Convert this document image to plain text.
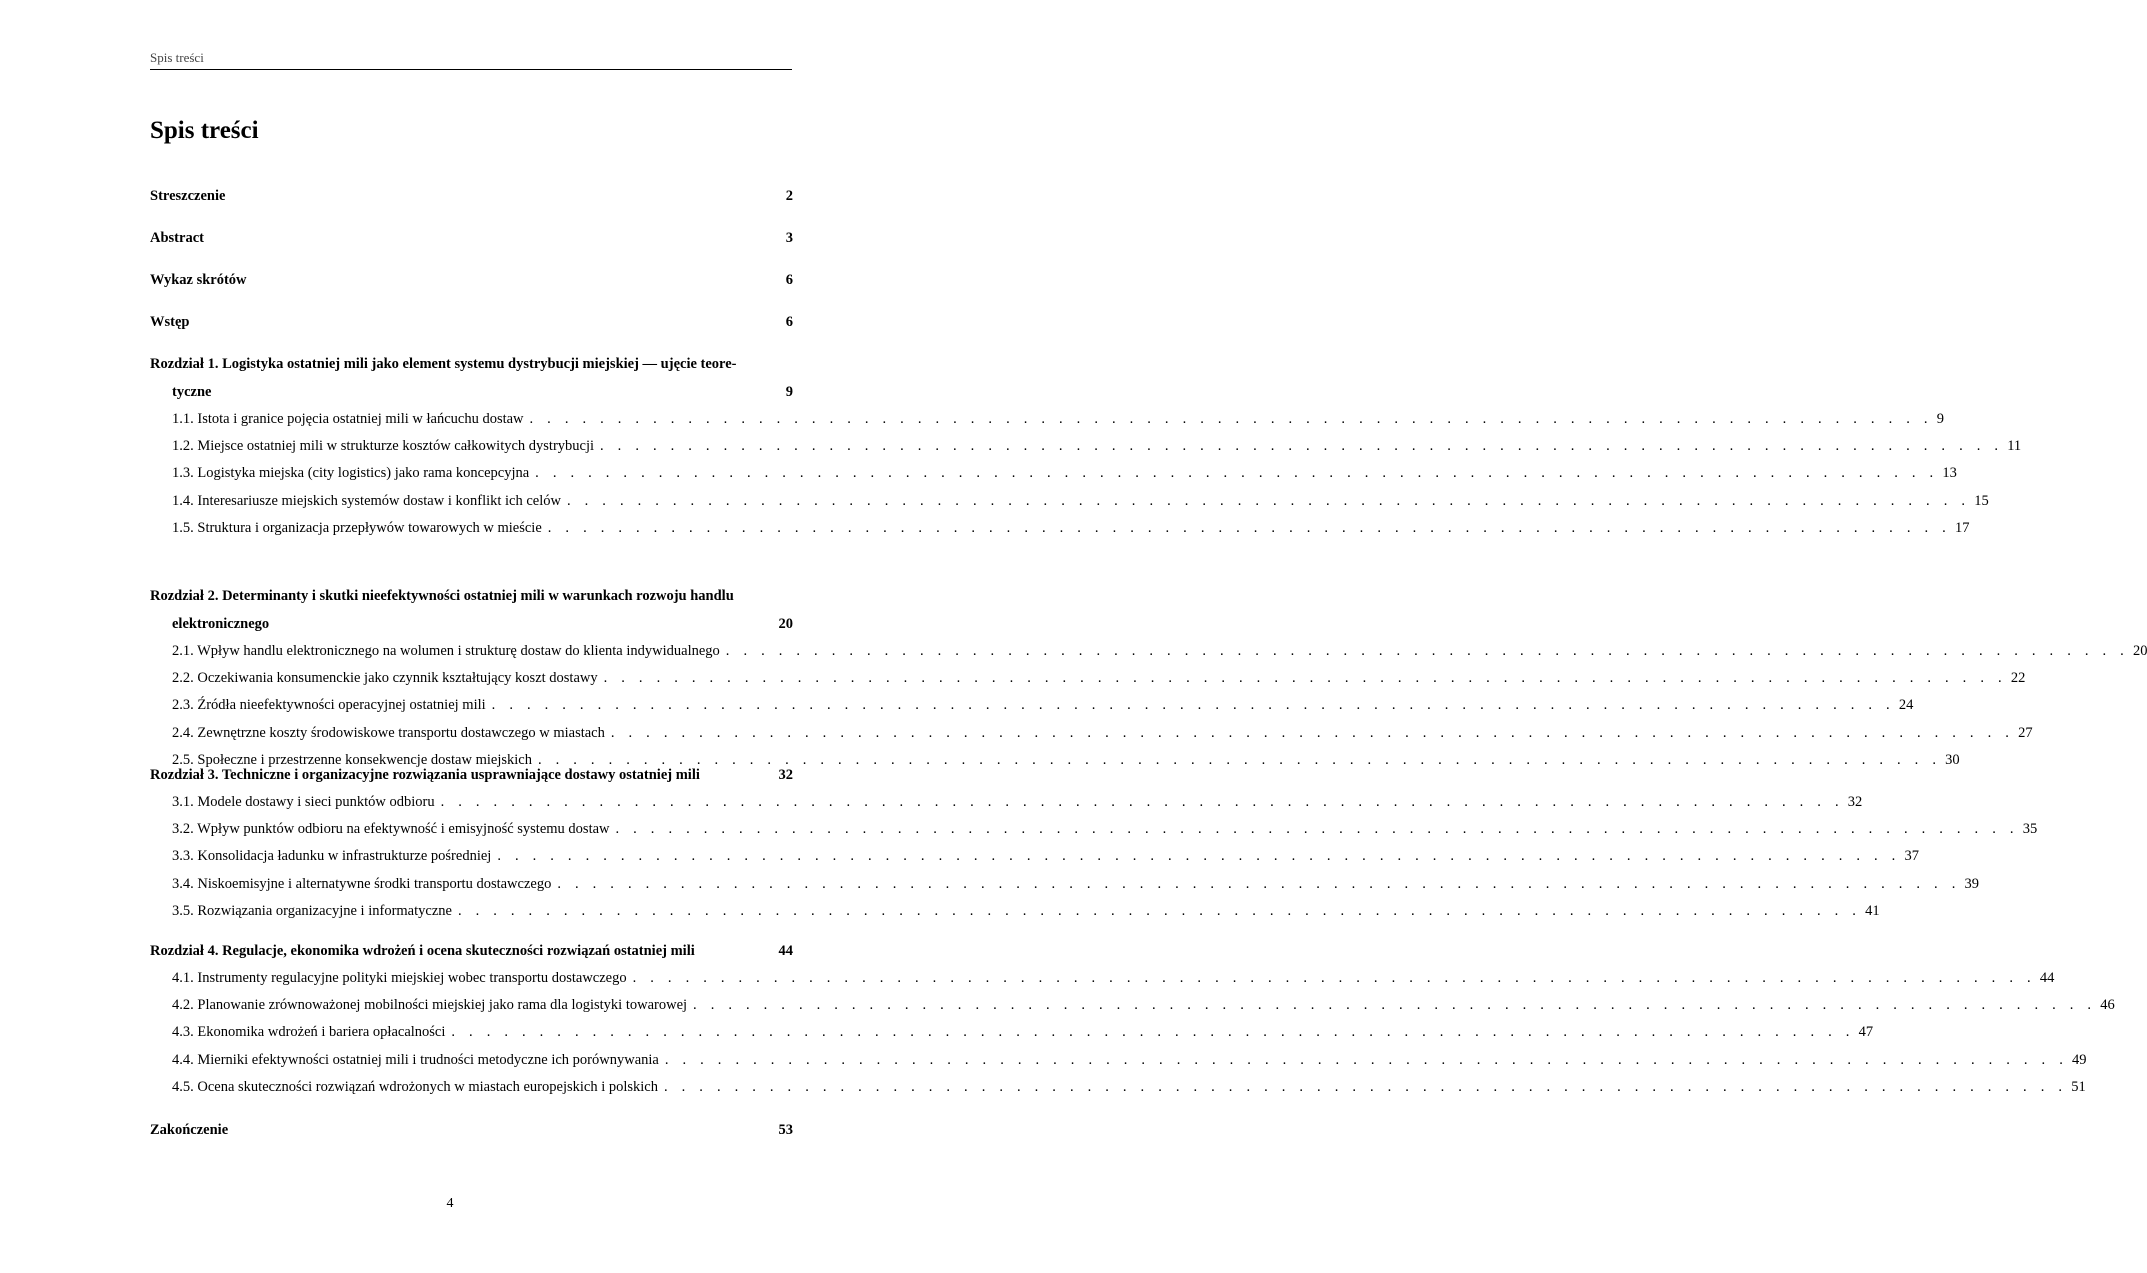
Spis treści
Spis treści
Streszczenie	2
Abstract	3
Wykaz skrótów	6
Wstęp	6
Rozdział 1. Logistyka ostatniej mili jako element systemu dystrybucji miejskiej — ujęcie teore-
tyczne	9
1.1. Istota i granice pojęcia ostatniej mili w łańcuchu dostaw . . . . . . . . . . . . . . . . . . . . . . . . . . . . . . . . . . . . . . . . . . . . . . . . . . . . . . . . . . . . . . . . . . . . . . . . . . . . . . . . 9
1.2. Miejsce ostatniej mili w strukturze kosztów całkowitych dystrybucji . . . . . . . . . . . . . . . . . . . . . . . . . . . . . . . . . . . . . . . . . . . . . . . . . . . . . . . . . . . . . . . . . . . . . . . . . . . . . . . . 11
1.3. Logistyka miejska (city logistics) jako rama koncepcyjna . . . . . . . . . . . . . . . . . . . . . . . . . . . . . . . . . . . . . . . . . . . . . . . . . . . . . . . . . . . . . . . . . . . . . . . . . . . . . . . . 13
1.4. Interesariusze miejskich systemów dostaw i konflikt ich celów . . . . . . . . . . . . . . . . . . . . . . . . . . . . . . . . . . . . . . . . . . . . . . . . . . . . . . . . . . . . . . . . . . . . . . . . . . . . . . . . 15
1.5. Struktura i organizacja przepływów towarowych w mieście . . . . . . . . . . . . . . . . . . . . . . . . . . . . . . . . . . . . . . . . . . . . . . . . . . . . . . . . . . . . . . . . . . . . . . . . . . . . . . . . 17
Rozdział 2. Determinanty i skutki nieefektywności ostatniej mili w warunkach rozwoju handlu
elektronicznego	20
2.1. Wpływ handlu elektronicznego na wolumen i strukturę dostaw do klienta indywidualnego . . . . . . . . . . . . . . . . . . . . . . . . . . . . . . . . . . . . . . . . . . . . . . . . . . . . . . . . . . . . . . . . . . . . . . . . . . . . . . . . 20
2.2. Oczekiwania konsumenckie jako czynnik kształtujący koszt dostawy . . . . . . . . . . . . . . . . . . . . . . . . . . . . . . . . . . . . . . . . . . . . . . . . . . . . . . . . . . . . . . . . . . . . . . . . . . . . . . . . 22
2.3. Źródła nieefektywności operacyjnej ostatniej mili . . . . . . . . . . . . . . . . . . . . . . . . . . . . . . . . . . . . . . . . . . . . . . . . . . . . . . . . . . . . . . . . . . . . . . . . . . . . . . . . 24
2.4. Zewnętrzne koszty środowiskowe transportu dostawczego w miastach . . . . . . . . . . . . . . . . . . . . . . . . . . . . . . . . . . . . . . . . . . . . . . . . . . . . . . . . . . . . . . . . . . . . . . . . . . . . . . . . 27
2.5. Społeczne i przestrzenne konsekwencje dostaw miejskich . . . . . . . . . . . . . . . . . . . . . . . . . . . . . . . . . . . . . . . . . . . . . . . . . . . . . . . . . . . . . . . . . . . . . . . . . . . . . . . . 30
Rozdział 3. Techniczne i organizacyjne rozwiązania usprawniające dostawy ostatniej mili	32
3.1. Modele dostawy i sieci punktów odbioru . . . . . . . . . . . . . . . . . . . . . . . . . . . . . . . . . . . . . . . . . . . . . . . . . . . . . . . . . . . . . . . . . . . . . . . . . . . . . . . . 32
3.2. Wpływ punktów odbioru na efektywność i emisyjność systemu dostaw . . . . . . . . . . . . . . . . . . . . . . . . . . . . . . . . . . . . . . . . . . . . . . . . . . . . . . . . . . . . . . . . . . . . . . . . . . . . . . . . 35
3.3. Konsolidacja ładunku w infrastrukturze pośredniej . . . . . . . . . . . . . . . . . . . . . . . . . . . . . . . . . . . . . . . . . . . . . . . . . . . . . . . . . . . . . . . . . . . . . . . . . . . . . . . . 37
3.4. Niskoemisyjne i alternatywne środki transportu dostawczego . . . . . . . . . . . . . . . . . . . . . . . . . . . . . . . . . . . . . . . . . . . . . . . . . . . . . . . . . . . . . . . . . . . . . . . . . . . . . . . . 39
3.5. Rozwiązania organizacyjne i informatyczne . . . . . . . . . . . . . . . . . . . . . . . . . . . . . . . . . . . . . . . . . . . . . . . . . . . . . . . . . . . . . . . . . . . . . . . . . . . . . . . . 41
Rozdział 4. Regulacje, ekonomika wdrożeń i ocena skuteczności rozwiązań ostatniej mili	44
4.1. Instrumenty regulacyjne polityki miejskiej wobec transportu dostawczego . . . . . . . . . . . . . . . . . . . . . . . . . . . . . . . . . . . . . . . . . . . . . . . . . . . . . . . . . . . . . . . . . . . . . . . . . . . . . . . . 44
4.2. Planowanie zrównoważonej mobilności miejskiej jako rama dla logistyki towarowej . . . . . . . . . . . . . . . . . . . . . . . . . . . . . . . . . . . . . . . . . . . . . . . . . . . . . . . . . . . . . . . . . . . . . . . . . . . . . . . . 46
4.3. Ekonomika wdrożeń i bariera opłacalności . . . . . . . . . . . . . . . . . . . . . . . . . . . . . . . . . . . . . . . . . . . . . . . . . . . . . . . . . . . . . . . . . . . . . . . . . . . . . . . . 47
4.4. Mierniki efektywności ostatniej mili i trudności metodyczne ich porównywania . . . . . . . . . . . . . . . . . . . . . . . . . . . . . . . . . . . . . . . . . . . . . . . . . . . . . . . . . . . . . . . . . . . . . . . . . . . . . . . . 49
4.5. Ocena skuteczności rozwiązań wdrożonych w miastach europejskich i polskich . . . . . . . . . . . . . . . . . . . . . . . . . . . . . . . . . . . . . . . . . . . . . . . . . . . . . . . . . . . . . . . . . . . . . . . . . . . . . . . . 51
Zakończenie	53
4
